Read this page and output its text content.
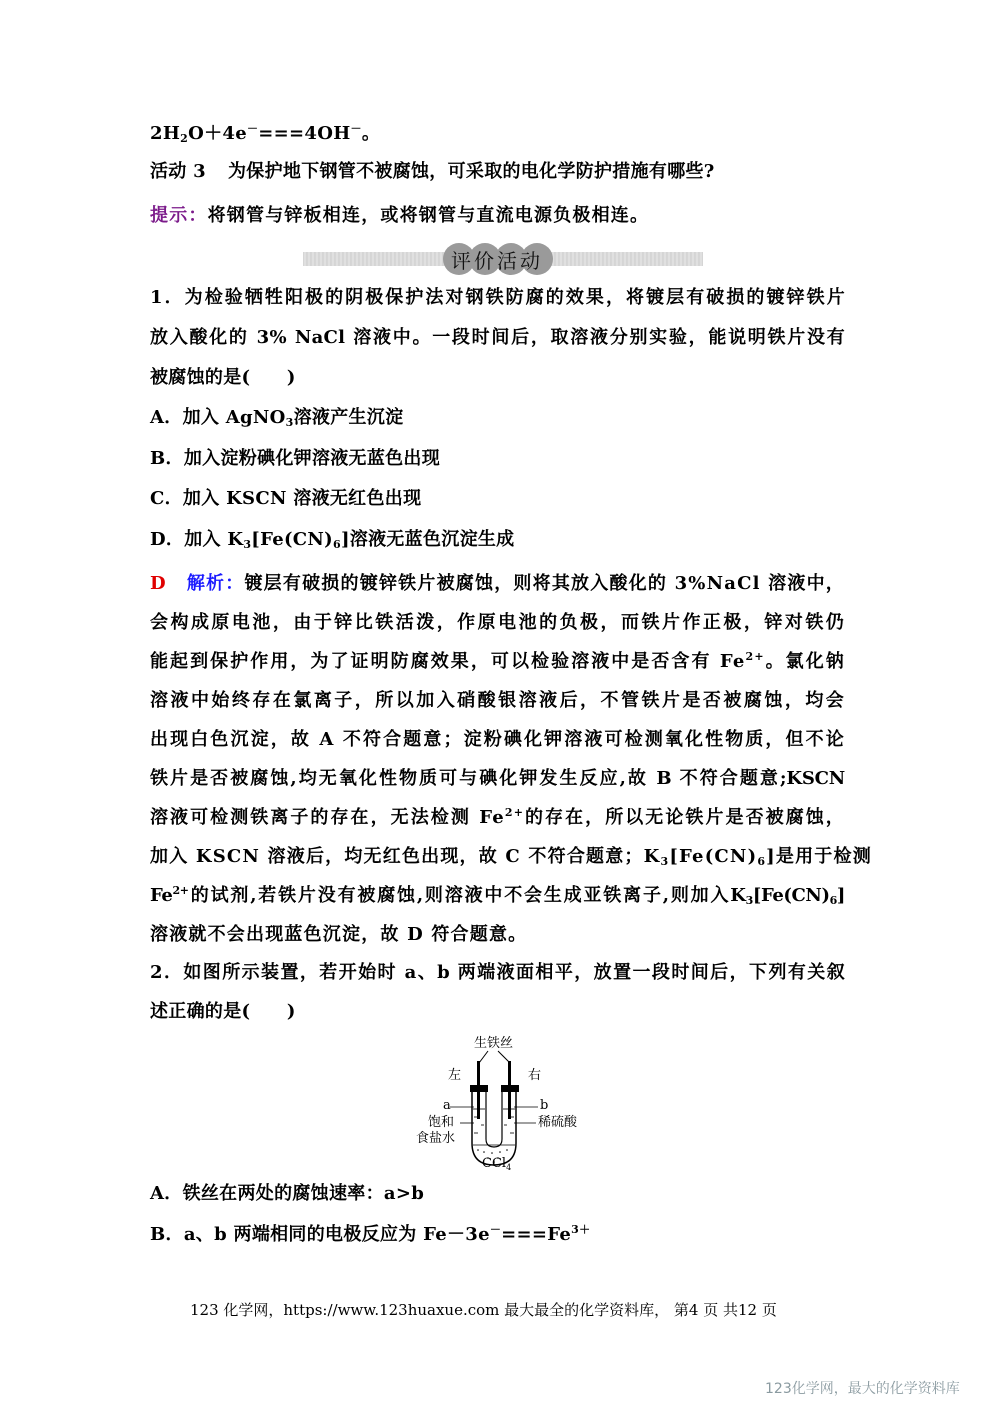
$2H_2O+4e^-===4OH^-$。
活动 3 为保护地下钢管不被腐蚀，可采取的电化学防护措施有哪些?
提示：将钢管与锌板相连，或将钢管与直流电源负极相连。
评价活动
1．为检验牺牲阳极的阴极保护法对钢铁防腐的效果，将镀层有破损的镀锌铁片
放入酸化的 3% NaCl 溶液中。一段时间后，取溶液分别实验，能说明铁片没有
被腐蚀的是(　　)
A．加入 AgNO$_3$溶液产生沉淀
B．加入淀粉碘化钾溶液无蓝色出现
C．加入 KSCN 溶液无红色出现
D．加入 $K_3[Fe(CN)_6]$溶液无蓝色沉淀生成
D 解析：镀层有破损的镀锌铁片被腐蚀，则将其放入酸化的 3%NaCl 溶液中，
会构成原电池，由于锌比铁活泼，作原电池的负极，而铁片作正极，锌对铁仍
能起到保护作用，为了证明防腐效果，可以检验溶液中是否含有 $Fe^{2+}$。氯化钠
溶液中始终存在氯离子，所以加入硝酸银溶液后，不管铁片是否被腐蚀，均会
出现白色沉淀，故 A 不符合题意；淀粉碘化钾溶液可检测氧化性物质，但不论
铁片是否被腐蚀,均无氧化性物质可与碘化钾发生反应,故 B 不符合题意;KSCN
溶液可检测铁离子的存在，无法检测 $Fe^{2+}$的存在，所以无论铁片是否被腐蚀，
加入 KSCN 溶液后，均无红色出现，故 C 不符合题意；$K_3[Fe(CN)_6]$是用于检测
$Fe^{2+}$的试剂,若铁片没有被腐蚀,则溶液中不会生成亚铁离子,则加入$K_3[Fe(CN)_6]$
溶液就不会出现蓝色沉淀，故 D 符合题意。
2．如图所示装置，若开始时 a、b 两端液面相平，放置一段时间后，下列有关叙
述正确的是(　　)
生铁丝
左	右
a	b
饱和
食盐水
稀硫酸
CCl$_4$
A．铁丝在两处的腐蚀速率：a>b
B．a、b 两端相同的电极反应为 $Fe-3e^-===Fe^{3+}$
123 化学网，https://www.123huaxue.com 最大最全的化学资料库， 第4 页 共12 页
123化学网，最大的化学资料库
